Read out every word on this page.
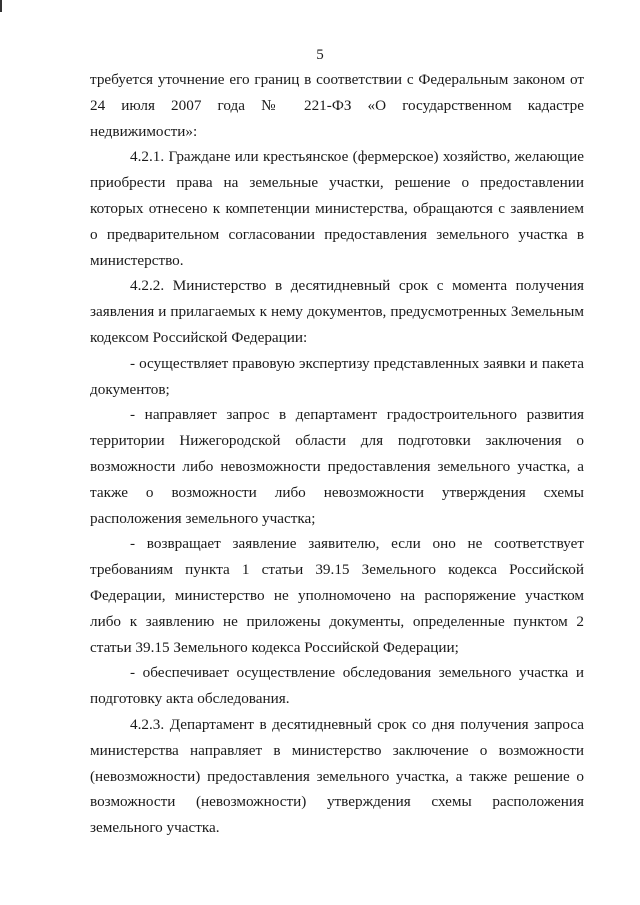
5

требуется уточнение его границ в соответствии с Федеральным законом от 24 июля 2007 года № 221-ФЗ «О государственном кадастре недвижимости»:

4.2.1. Граждане или крестьянское (фермерское) хозяйство, желающие приобрести права на земельные участки, решение о предоставлении которых отнесено к компетенции министерства, обращаются с заявлением о предварительном согласовании предоставления земельного участка в министерство.

4.2.2. Министерство в десятидневный срок с момента получения заявления и прилагаемых к нему документов, предусмотренных Земельным кодексом Российской Федерации:

- осуществляет правовую экспертизу представленных заявки и пакета документов;

- направляет запрос в департамент градостроительного развития территории Нижегородской области для подготовки заключения о возможности либо невозможности предоставления земельного участка, а также о возможности либо невозможности утверждения схемы расположения земельного участка;

- возвращает заявление заявителю, если оно не соответствует требованиям пункта 1 статьи 39.15 Земельного кодекса Российской Федерации, министерство не уполномочено на распоряжение участком либо к заявлению не приложены документы, определенные пунктом 2 статьи 39.15 Земельного кодекса Российской Федерации;

- обеспечивает осуществление обследования земельного участка и подготовку акта обследования.

4.2.3. Департамент в десятидневный срок со дня получения запроса министерства направляет в министерство заключение о возможности (невозможности) предоставления земельного участка, а также решение о возможности (невозможности) утверждения схемы расположения земельного участка.
